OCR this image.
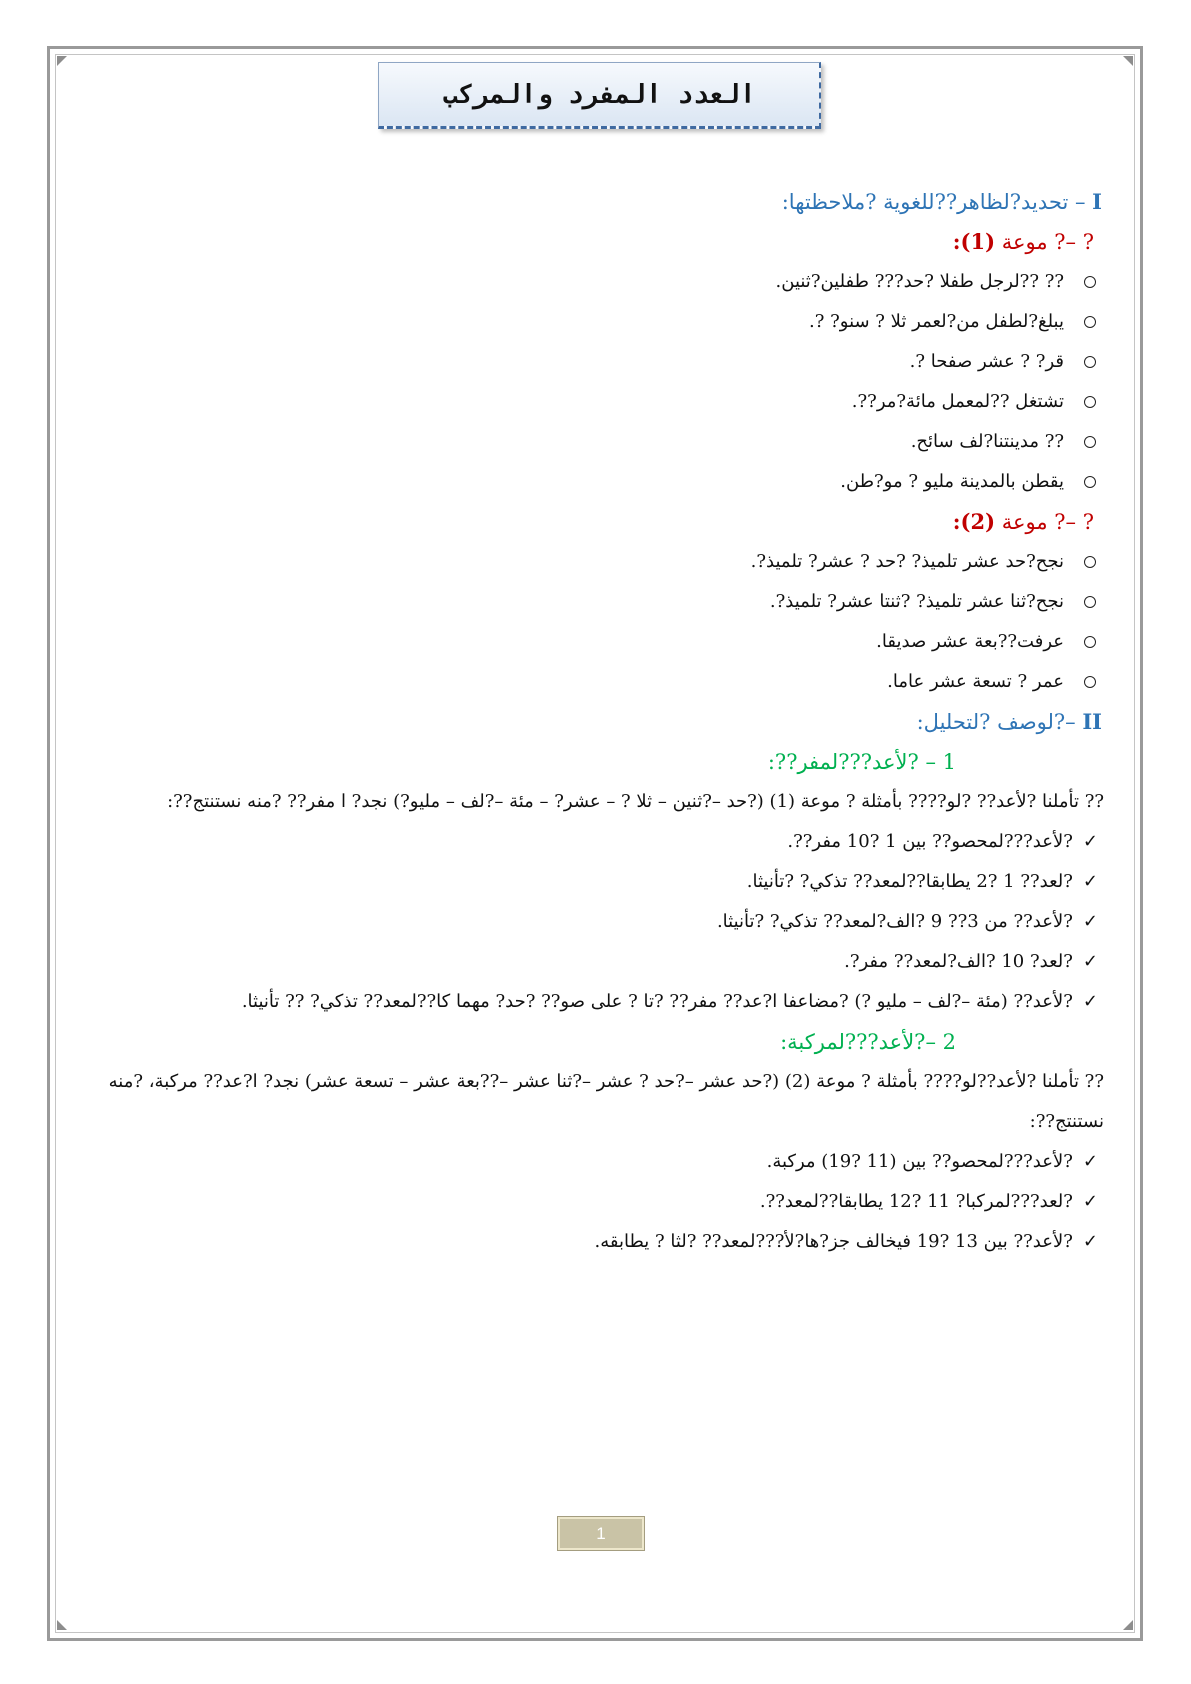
العدد المفرد والمركب
I – تحديد?لظاهر??للغوية ?ملاحظتها:
? –? ‌موعة (1):
?? ??لرجل طفلا ?‌حد??? طفلين?ثنين.
يبلغ?لطفل من?لعمر ثلا ? سنو? ?.
قر? ? عشر صفحا ?.
تشتغل ??لمعمل مائة?مر??.
?‌? مدينتنا?لف سائح.
يقطن بالمدينة مليو ? مو?طن.
? –? ‌موعة (2):
نجح?حد عشر تلميذ? ?‌حد ? عشر? تلميذ?.
نجح?ثنا عشر تلميذ? ?‌ثنتا عشر? تلميذ?.
عرفت??بعة عشر صديقا.
عمر ? تسعة عشر عاما.
II –?لوصف ?‌لتحليل:
1 – ?لأعد???لمفر??:
?‌? تأملنا ?لأعد?? ?لو???? بأمثلة ? ‌موعة (1) (?‌حد –?ثنين – ثلا ? – عشر? – مئة –?لف – مليو?) نجد? ا مفر?? ?منه نستنتج??:
✓?لأعد???لمحصو?? بين 1 ?10 مفر??.
✓?لعد?‌? 1 ?2 يطابقا??لمعد?? تذكي‌? ?تأنيثا.
✓?لأعد?? من 3?? 9 ?الف?لمعد?? تذكي‌? ?تأنيثا.
✓?لعد? 10 ?الف?لمعد?? مفر?‌.
✓?لأعد?? (مئة –?لف – مليو ?) ?مضاعفا ا?عد?? مفر?? ?تا ? على صو?? ?‌حد? مهما كا??لمعد?? تذكي‌? ?? تأنيثا.
2 –?لأعد???لمركبة:
?‌? تأملنا ?لأعد??لو???? بأمثلة ? ‌موعة (2) (?حد عشر –?حد ? عشر –?ثنا عشر –??بعة عشر – تسعة عشر) نجد? ا?عد?? مركبة، ?منه نستنتج??:
✓?لأعد???لمحصو?? بين (11 ?19) مركبة.
✓?لعد???لمركبا? 11 ?12 يطابقا??لمعد??.
✓?لأعد?? بين 13 ?19 فيخالف جز?ها?لأ???لمعد?? ?‌لثا ? يطابقه.
1
